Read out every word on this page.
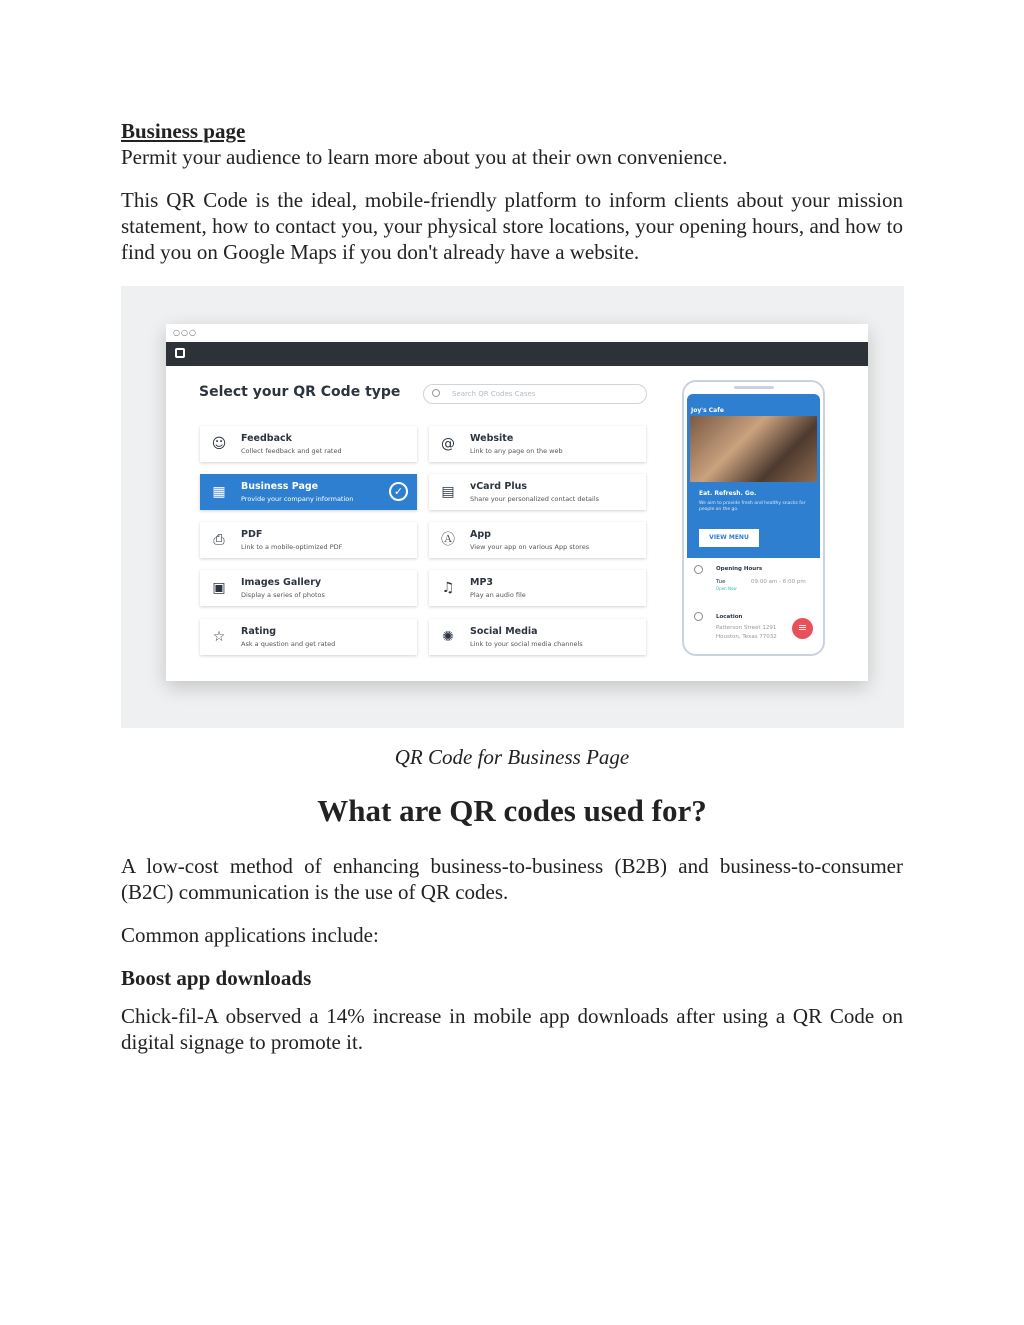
Business page

Permit your audience to learn more about you at their own convenience.

This QR Code is the ideal, mobile-friendly platform to inform clients about your mission statement, how to contact you, your physical store locations, your opening hours, and how to find you on Google Maps if you don't already have a website.

○○○
Select your QR Code type	Search QR Codes Cases
☺ Feedback
Collect feedback and get rated	@ Website
Link to any page on the web
▦ Business Page
Provide your company information
✓	▤ vCard Plus
Share your personalized contact details
⎙	PDF
Link to a mobile-optimized PDF	Ⓐ App
View your app on various App stores
▣ Images Gallery
Display a series of photos	♫ MP3
Play an audio file
☆ Rating
Ask a question and get rated	✺	Social Media
Link to your social media channels
Joy's Cafe
Eat. Refresh. Go.
We aim to provide fresh and healthy snacks for people on the go.
VIEW MENU
Opening Hours
Tue	09:00 am - 6:00 pm
Open Now
Location
Patterson Street 1291
Houston, Texas 77032
≡
QR Code for Business Page
What are QR codes used for?

A low-cost method of enhancing business-to-business (B2B) and business-to-consumer (B2C) communication is the use of QR codes.

Common applications include:

Boost app downloads

Chick-fil-A observed a 14% increase in mobile app downloads after using a QR Code on digital signage to promote it.
